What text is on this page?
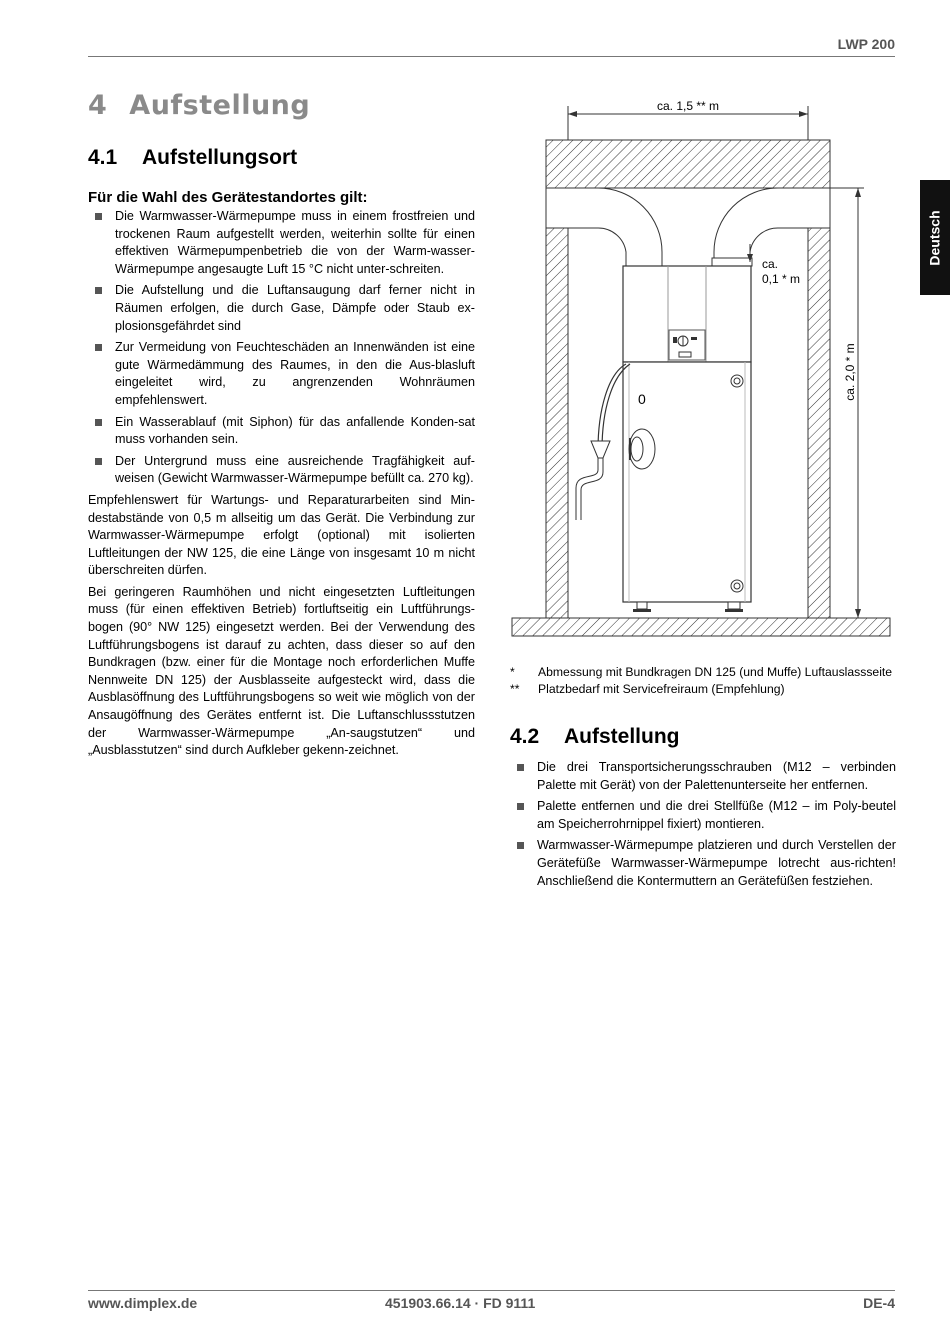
LWP 200
Deutsch
4 Aufstellung
4.1 Aufstellungsort
Für die Wahl des Gerätestandortes gilt:
Die Warmwasser-Wärmepumpe muss in einem frostfreien und trockenen Raum aufgestellt werden, weiterhin sollte für einen effektiven Wärmepumpenbetrieb die von der Warm-wasser-Wärmepumpe angesaugte Luft 15 °C nicht unter-schreiten.
Die Aufstellung und die Luftansaugung darf ferner nicht in Räumen erfolgen, die durch Gase, Dämpfe oder Staub ex-plosionsgefährdet sind
Zur Vermeidung von Feuchteschäden an Innenwänden ist eine gute Wärmedämmung des Raumes, in den die Aus-blasluft eingeleitet wird, zu angrenzenden Wohnräumen empfehlenswert.
Ein Wasserablauf (mit Siphon) für das anfallende Konden-sat muss vorhanden sein.
Der Untergrund muss eine ausreichende Tragfähigkeit auf-weisen (Gewicht Warmwasser-Wärmepumpe befüllt ca. 270 kg).

Empfehlenswert für Wartungs- und Reparaturarbeiten sind Min-destabstände von 0,5 m allseitig um das Gerät. Die Verbindung zur Warmwasser-Wärmepumpe erfolgt (optional) mit isolierten Luftleitungen der NW 125, die eine Länge von insgesamt 10 m nicht überschreiten dürfen.

Bei geringeren Raumhöhen und nicht eingesetzten Luftleitungen muss (für einen effektiven Betrieb) fortluftseitig ein Luftführungs-bogen (90° NW 125) eingesetzt werden. Bei der Verwendung des Luftführungsbogens ist darauf zu achten, dass dieser so auf den Bundkragen (bzw. einer für die Montage noch erforderlichen Muffe Nennweite DN 125) der Ausblasseite aufgesteckt wird, dass die Ausblasöffnung des Luftführungsbogens so weit wie möglich von der Ansaugöffnung des Gerätes entfernt ist. Die Luftanschlussstutzen der Warmwasser-Wärmepumpe „An-saugstutzen“ und „Ausblasstutzen“ sind durch Aufkleber gekenn-zeichnet.

0
ca. 1,5 ** m
ca. 2,0 * m
ca.
0,1 * m
* Abmessung mit Bundkragen DN 125 (und Muffe) Luftauslassseite
** Platzbedarf mit Servicefreiraum (Empfehlung)
4.2 Aufstellung
Die drei Transportsicherungsschrauben (M12 – verbinden Palette mit Gerät) von der Palettenunterseite her entfernen.
Palette entfernen und die drei Stellfüße (M12 – im Poly-beutel am Speicherrohrnippel fixiert) montieren.
Warmwasser-Wärmepumpe platzieren und durch Verstellen der Gerätefüße Warmwasser-Wärmepumpe lotrecht aus-richten! Anschließend die Kontermuttern an Gerätefüßen festziehen.
www.dimplex.de	451903.66.14 · FD 9111	DE-4
